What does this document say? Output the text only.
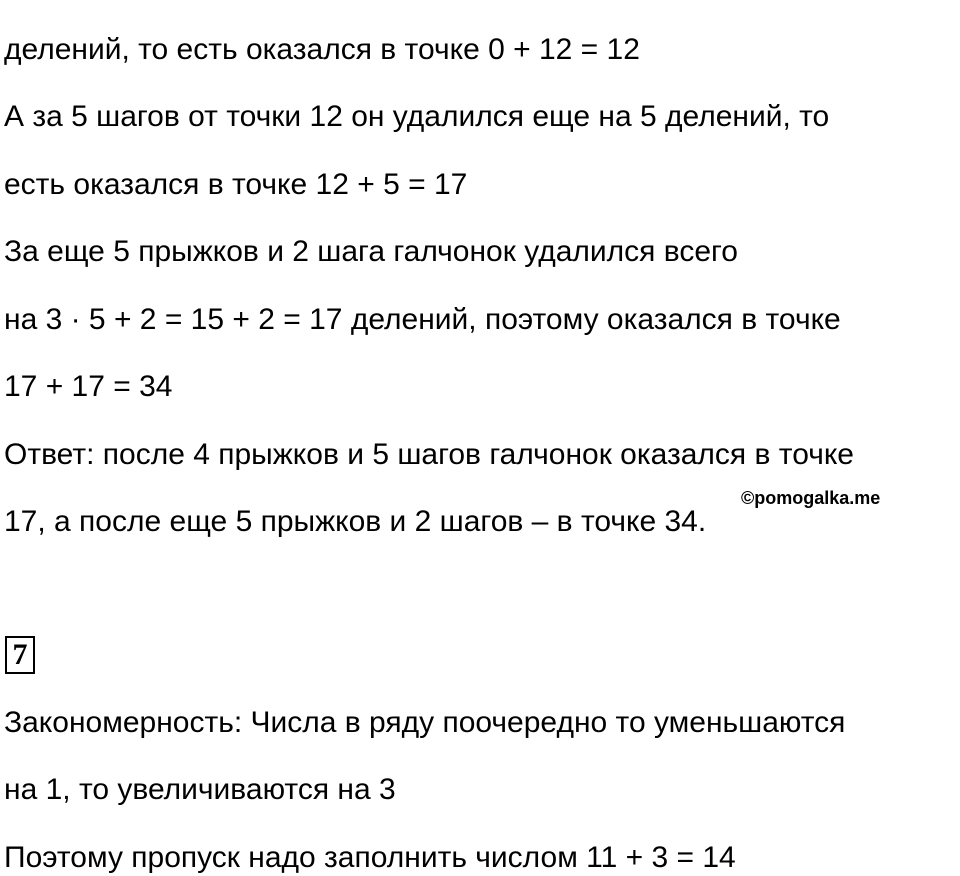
делений, то есть оказался в точке 0 + 12 = 12
А за 5 шагов от точки 12 он удалился еще на 5 делений, то
есть оказался в точке 12 + 5 = 17
За еще 5 прыжков и 2 шага галчонок удалился всего
на 3 · 5 + 2 = 15 + 2 = 17 делений, поэтому оказался в точке
17 + 17 = 34
Ответ: после 4 прыжков и 5 шагов галчонок оказался в точке
17, а после еще 5 прыжков и 2 шагов – в точке 34.
©pomogalka.me
7
Закономерность: Числа в ряду поочередно то уменьшаются
на 1, то увеличиваются на 3
Поэтому пропуск надо заполнить числом 11 + 3 = 14
